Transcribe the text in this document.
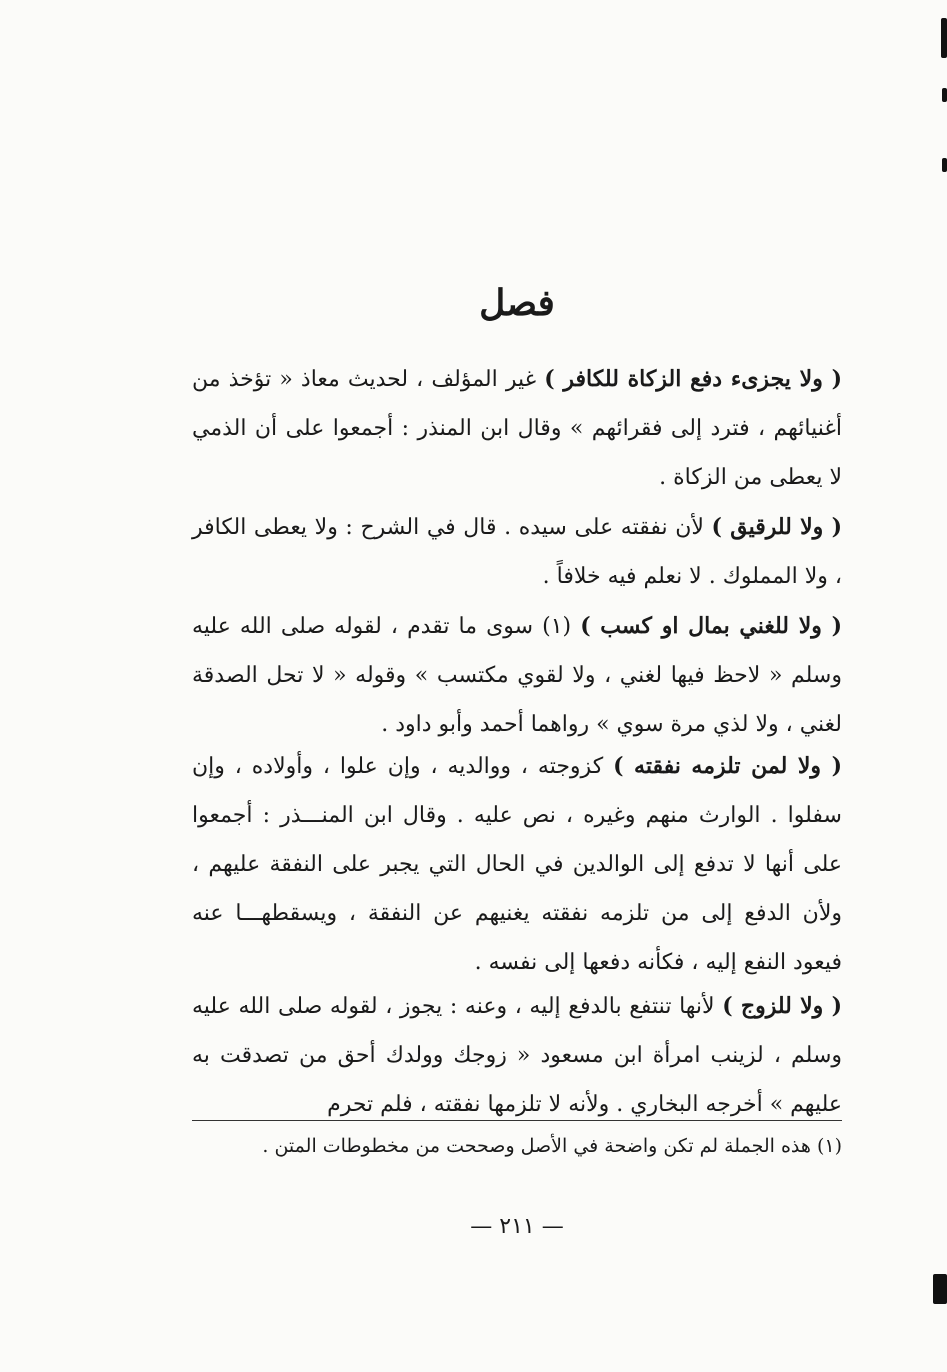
فصل

( ولا يجزىء دفع الزكاة للكافر ) غير المؤلف ، لحديث معاذ « تؤخذ من أغنيائهم ، فترد إلى فقرائهم » وقال ابن المنذر : أجمعوا على أن الذمي لا يعطى من الزكاة .

( ولا للرقيق ) لأن نفقته على سيده . قال في الشرح : ولا يعطى الكافر ، ولا المملوك . لا نعلم فيه خلافاً .

( ولا للغني بمال او كسب ) (١) سوى ما تقدم ، لقوله صلى الله عليه وسلم « لاحظ فيها لغني ، ولا لقوي مكتسب » وقوله « لا تحل الصدقة لغني ، ولا لذي مرة سوي » رواهما أحمد وأبو داود .

( ولا لمن تلزمه نفقته ) كزوجته ، ووالديه ، وإن علوا ، وأولاده ، وإن سفلوا . الوارث منهم وغيره ، نص عليه . وقال ابن المنـــذر : أجمعوا على أنها لا تدفع إلى الوالدين في الحال التي يجبر على النفقة عليهم ، ولأن الدفع إلى من تلزمه نفقته يغنيهم عن النفقة ، ويسقطهـــا عنه فيعود النفع إليه ، فكأنه دفعها إلى نفسه .

( ولا للزوج ) لأنها تنتفع بالدفع إليه ، وعنه : يجوز ، لقوله صلى الله عليه وسلم ، لزينب امرأة ابن مسعود « زوجك وولدك أحق من تصدقت به عليهم » أخرجه البخاري . ولأنه لا تلزمها نفقته ، فلم تحرم

(١) هذه الجملة لم تكن واضحة في الأصل وصححت من مخطوطات المتن .

— ٢١١ —
